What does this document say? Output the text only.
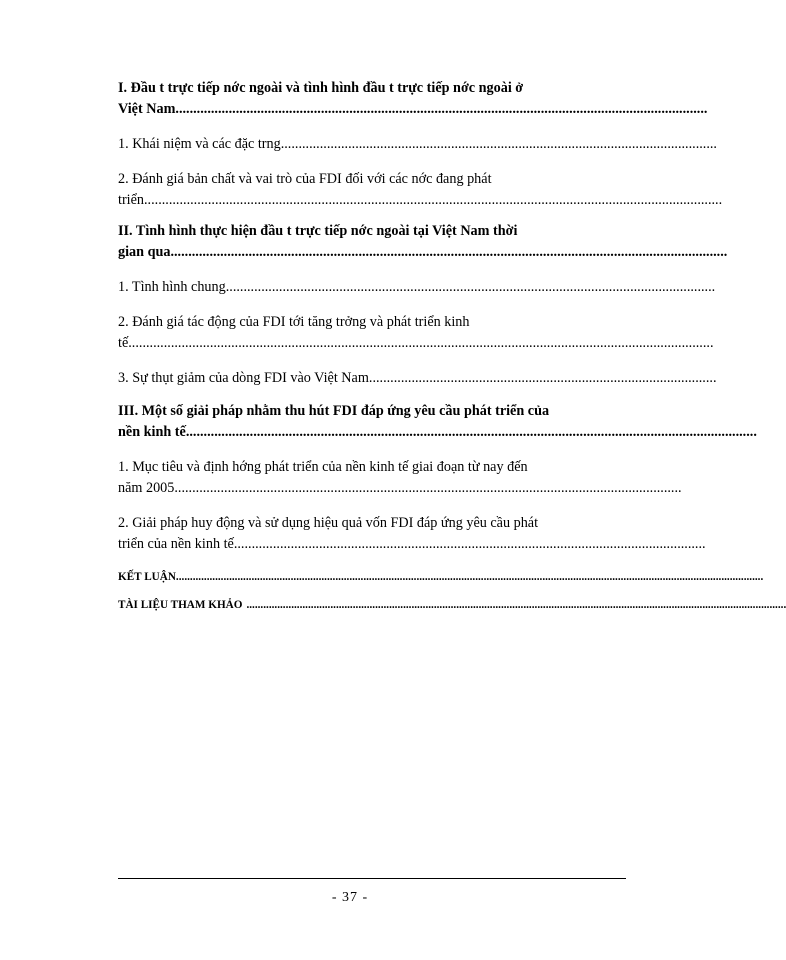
I. Đầu t trực tiếp nớc ngoài và tình hình đầu t trực tiếp nớc ngoài ở
Việt Nam ......................................................................................................................................................
1. Khái niệm và các đặc trng ...........................................................................................................................
2. Đánh giá bản chất và vai trò của FDI đối với các nớc đang phát
triển ...................................................................................................................................................................
II. Tình hình thực hiện đầu t trực tiếp nớc ngoài tại Việt Nam thời
gian qua.. ...........................................................................................................................................................
1. Tình hình chung ..........................................................................................................................................
2. Đánh giá tác động của FDI tới tăng trởng và phát triển kinh
tế .....................................................................................................................................................................
3. Sự thụt giảm của dòng FDI vào Việt Nam ..................................................................................................
III. Một số giải pháp nhằm thu hút FDI đáp ứng yêu cầu phát triển của
nền kinh tế .................................................................................................................................................................
1. Mục tiêu và định hớng phát triển của nền kinh tế giai đoạn từ nay đến
năm 2005 ...............................................................................................................................................
2. Giải pháp huy động và sử dụng hiệu quả vốn FDI đáp ứng yêu cầu phát
triển của nền kinh tế .....................................................................................................................................
KẾT LUẬN ..................................................................................................................................................................................................................
TÀI LIỆU THAM KHẢO .................................................................................................................................................................................................
- 37 -
